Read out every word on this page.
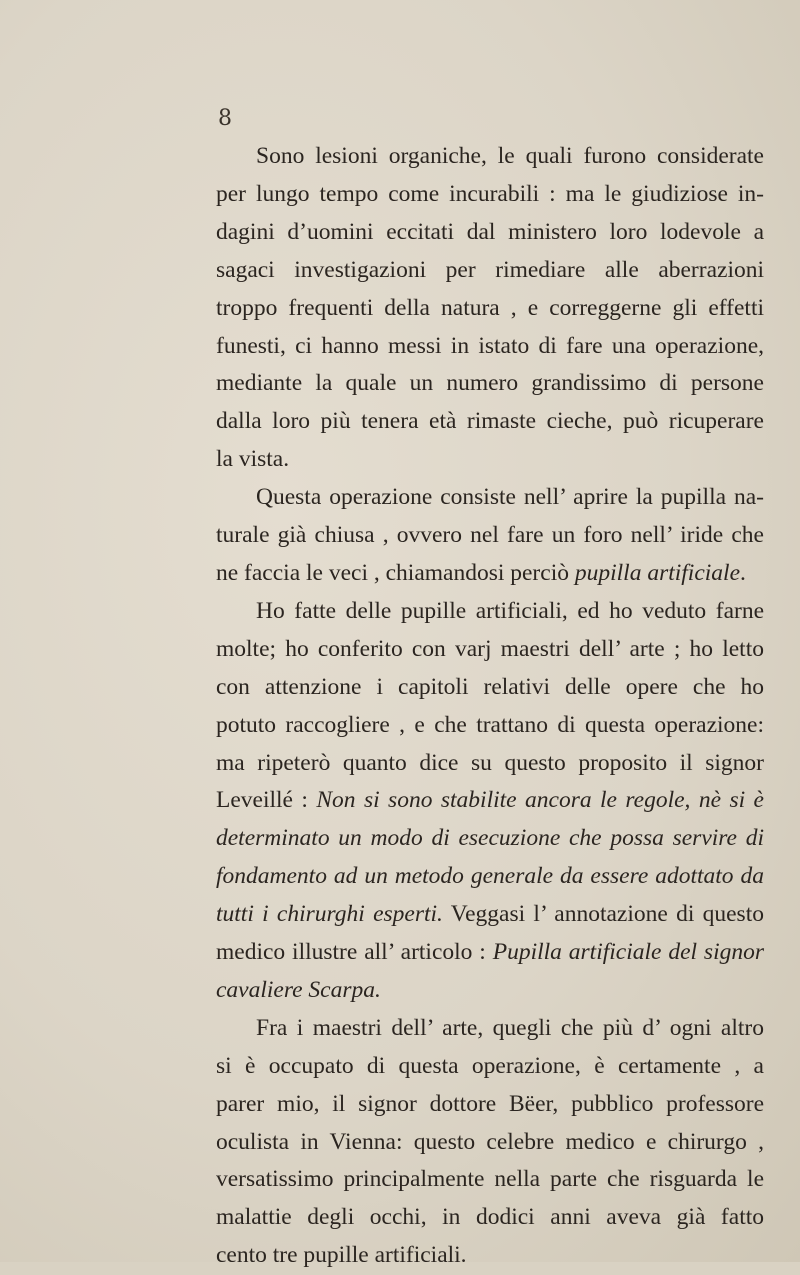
8
Sono lesioni organiche, le quali furono considerate
per lungo tempo come incurabili : ma le giudiziose in-
dagini d’uomini eccitati dal ministero loro lodevole a
sagaci investigazioni per rimediare alle aberrazioni
troppo frequenti della natura , e correggerne gli effetti
funesti, ci hanno messi in istato di fare una operazione,
mediante la quale un numero grandissimo di persone
dalla loro più tenera età rimaste cieche, può ricuperare
la vista.
Questa operazione consiste nell’ aprire la pupilla na-
turale già chiusa , ovvero nel fare un foro nell’ iride che
ne faccia le veci , chiamandosi perciò pupilla artificiale.
Ho fatte delle pupille artificiali, ed ho veduto farne
molte; ho conferito con varj maestri dell’ arte ; ho letto
con attenzione i capitoli relativi delle opere che ho
potuto raccogliere , e che trattano di questa operazione:
ma ripeterò quanto dice su questo proposito il signor
Leveillé : Non si sono stabilite ancora le regole, nè si è
determinato un modo di esecuzione che possa servire di
fondamento ad un metodo generale da essere adottato da
tutti i chirurghi esperti. Veggasi l’ annotazione di questo
medico illustre all’ articolo : Pupilla artificiale del signor
cavaliere Scarpa.
Fra i maestri dell’ arte, quegli che più d’ ogni altro
si è occupato di questa operazione, è certamente , a
parer mio, il signor dottore Bëer, pubblico professore
oculista in Vienna: questo celebre medico e chirurgo ,
versatissimo principalmente nella parte che risguarda le
malattie degli occhi, in dodici anni aveva già fatto
cento tre pupille artificiali.
